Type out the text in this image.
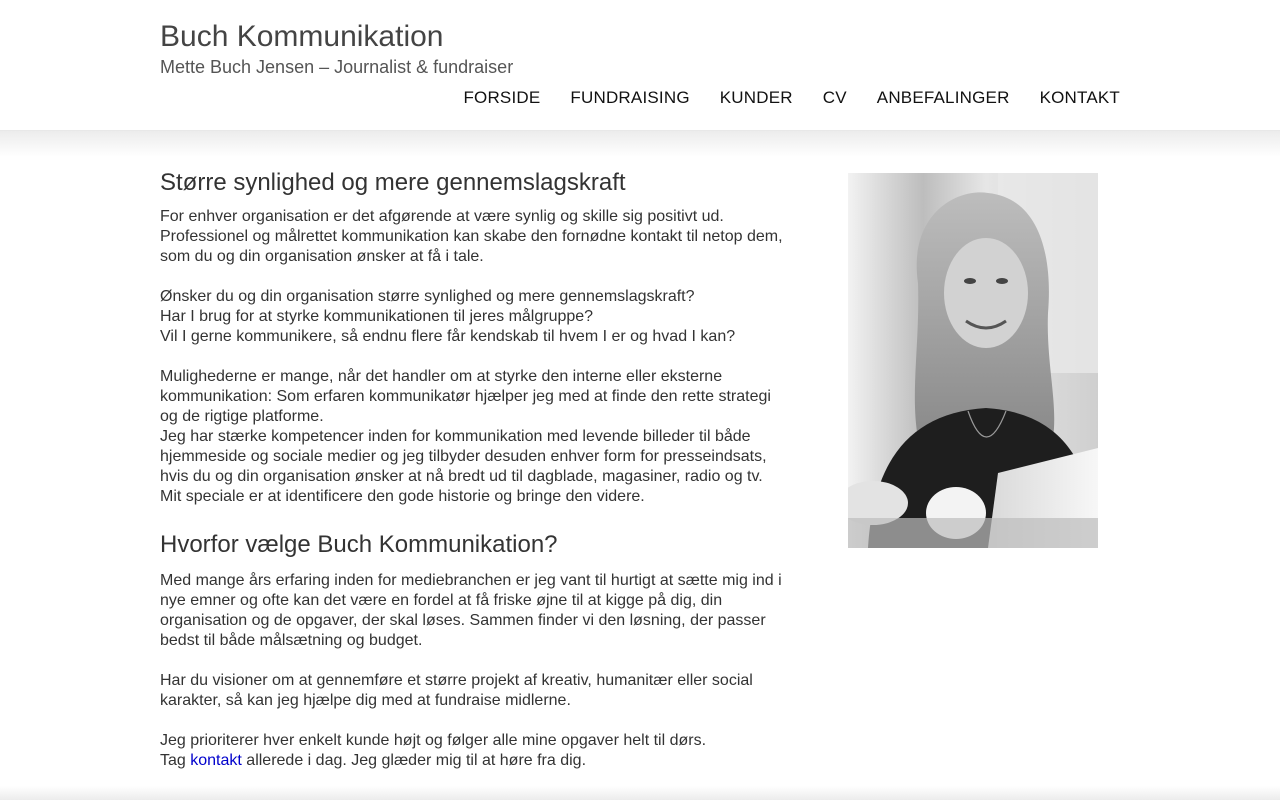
Buch Kommunikation
Mette Buch Jensen – Journalist & fundraiser
FORSIDE FUNDRAISING KUNDER CV ANBEFALINGER KONTAKT
Større synlighed og mere gennemslagskraft

For enhver organisation er det afgørende at være synlig og skille sig positivt ud.
Professionel og målrettet kommunikation kan skabe den fornødne kontakt til netop dem,
som du og din organisation ønsker at få i tale.

Ønsker du og din organisation større synlighed og mere gennemslagskraft?
Har I brug for at styrke kommunikationen til jeres målgruppe?
Vil I gerne kommunikere, så endnu flere får kendskab til hvem I er og hvad I kan?

Mulighederne er mange, når det handler om at styrke den interne eller eksterne
kommunikation: Som erfaren kommunikatør hjælper jeg med at finde den rette strategi
og de rigtige platforme.
Jeg har stærke kompetencer inden for kommunikation med levende billeder til både
hjemmeside og sociale medier og jeg tilbyder desuden enhver form for presseindsats,
hvis du og din organisation ønsker at nå bredt ud til dagblade, magasiner, radio og tv.
Mit speciale er at identificere den gode historie og bringe den videre.

Hvorfor vælge Buch Kommunikation?

Med mange års erfaring inden for mediebranchen er jeg vant til hurtigt at sætte mig ind i
nye emner og ofte kan det være en fordel at få friske øjne til at kigge på dig, din
organisation og de opgaver, der skal løses. Sammen finder vi den løsning, der passer
bedst til både målsætning og budget.

Har du visioner om at gennemføre et større projekt af kreativ, humanitær eller social
karakter, så kan jeg hjælpe dig med at fundraise midlerne.

Jeg prioriterer hver enkelt kunde højt og følger alle mine opgaver helt til dørs.
Tag kontakt allerede i dag. Jeg glæder mig til at høre fra dig.
